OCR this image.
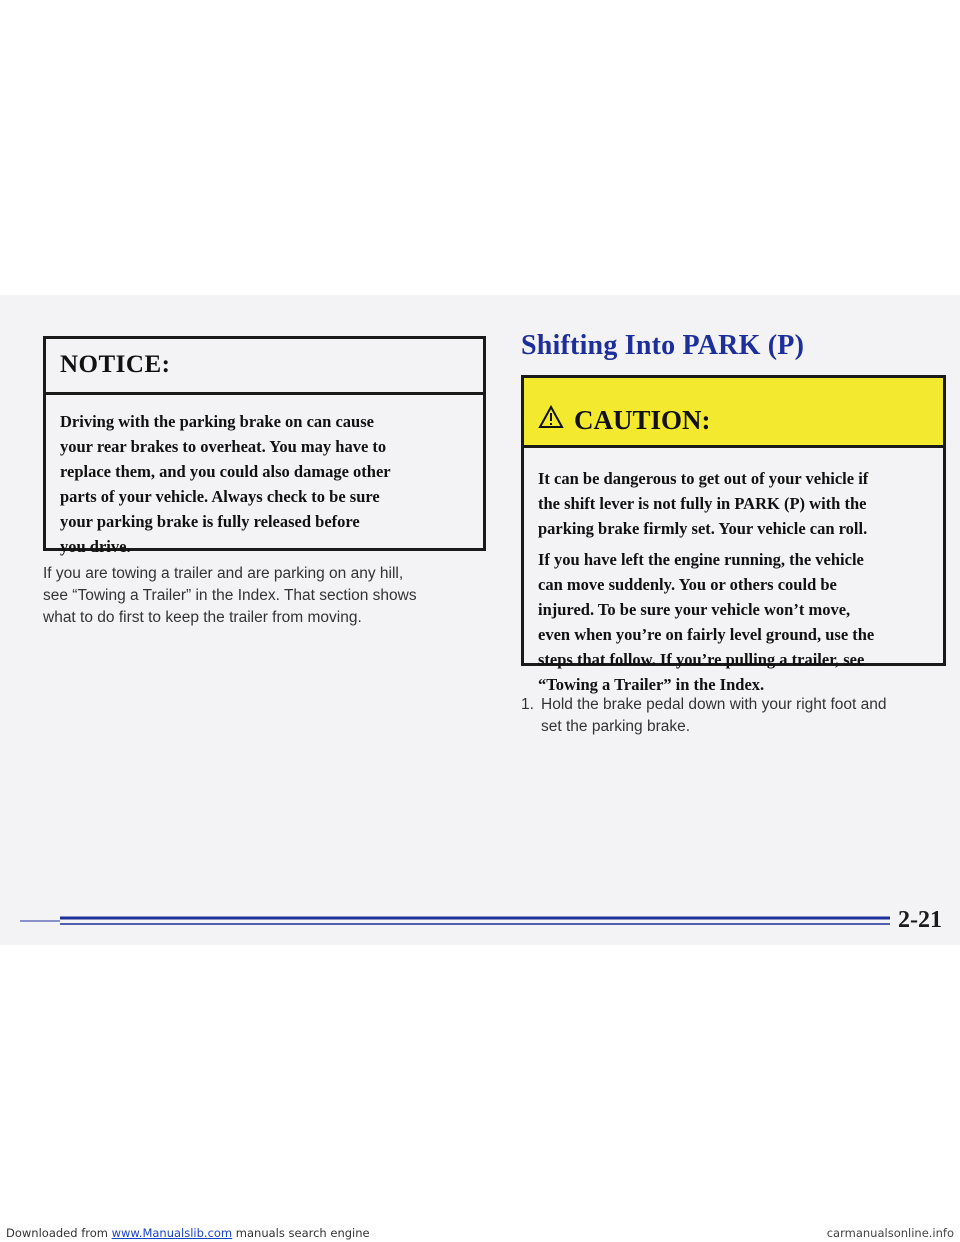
NOTICE:
Driving with the parking brake on can cause
your rear brakes to overheat. You may have to
replace them, and you could also damage other
parts of your vehicle. Always check to be sure
your parking brake is fully released before
you drive.
If you are towing a trailer and are parking on any hill,
see “Towing a Trailer” in the Index. That section shows
what to do first to keep the trailer from moving.
Shifting Into PARK (P)
CAUTION:

It can be dangerous to get out of your vehicle if
the shift lever is not fully in PARK (P) with the
parking brake firmly set. Your vehicle can roll.

If you have left the engine running, the vehicle
can move suddenly. You or others could be
injured. To be sure your vehicle won’t move,
even when you’re on fairly level ground, use the
steps that follow. If you’re pulling a trailer, see
“Towing a Trailer” in the Index.

1. Hold the brake pedal down with your right foot and
set the parking brake.
2-21
Downloaded from www.Manualslib.com manuals search engine	carmanualsonline.info
